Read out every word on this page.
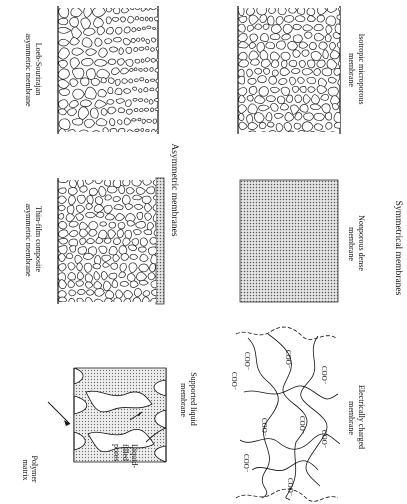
Symmetrical membranes
Asymmetric membranes
Isotropic microporous membrane
Nonporous dense membrane
COO⁻	COO⁻
COO⁻
COO⁻
COO⁻
COO⁻
COO⁻
COO⁻
COO⁻
Electrically charged membrane
Loeb-Sourirajan asymmetric membrane
Thin-film composite asymmetric membrane
Supported liquid membrane
Liquid- filled pores
Polymer matrix
